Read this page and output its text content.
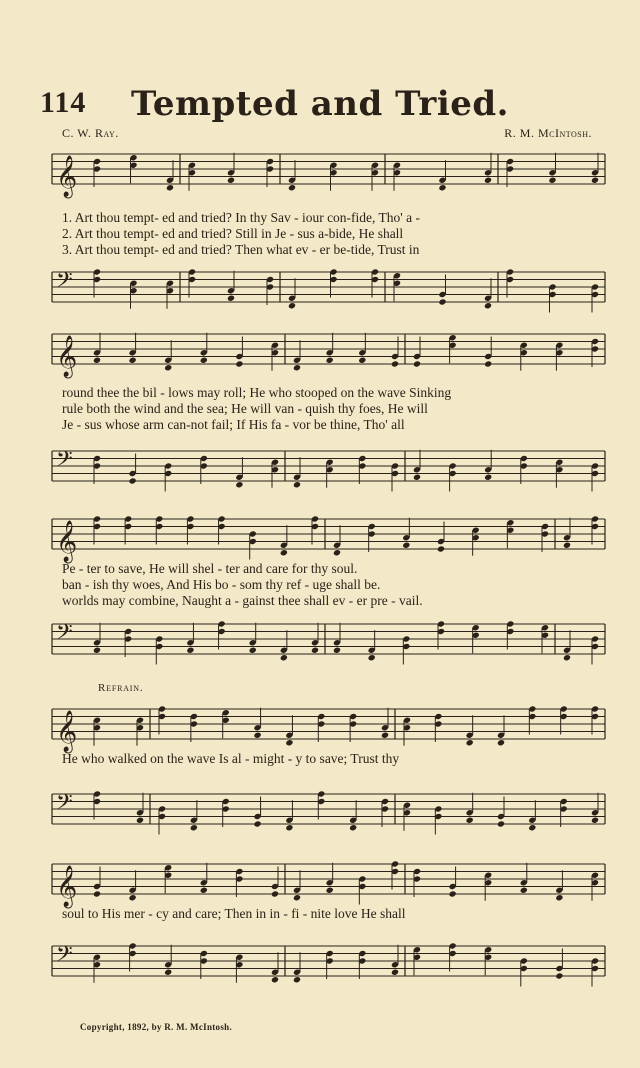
114	Tempted and Tried.
C. W. Ray.	R. M. McIntosh.
𝄞
1. Art thou tempt- ed and tried? In thy Sav - iour con-fide, Tho' a -
2. Art thou tempt- ed and tried? Still in Je - sus a-bide, He shall
3. Art thou tempt- ed and tried? Then what ev - er be-tide, Trust in
𝄢
𝄞
round thee the bil - lows may roll; He who stooped on the wave Sinking
rule both the wind and the sea; He will van - quish thy foes, He will
Je - sus whose arm can-not fail; If His fa - vor be thine, Tho' all
𝄢
𝄞
Pe - ter to save, He will shel - ter and care for thy soul.
ban - ish thy woes, And His bo - som thy ref - uge shall be.
worlds may combine, Naught a - gainst thee shall ev - er pre - vail.
𝄢
Refrain.
𝄞
He who walked on the wave Is al - might - y to save; Trust thy
𝄢
𝄞
soul to His mer - cy and care; Then in in - fi - nite love He shall
𝄢
Copyright, 1892, by R. M. McIntosh.
